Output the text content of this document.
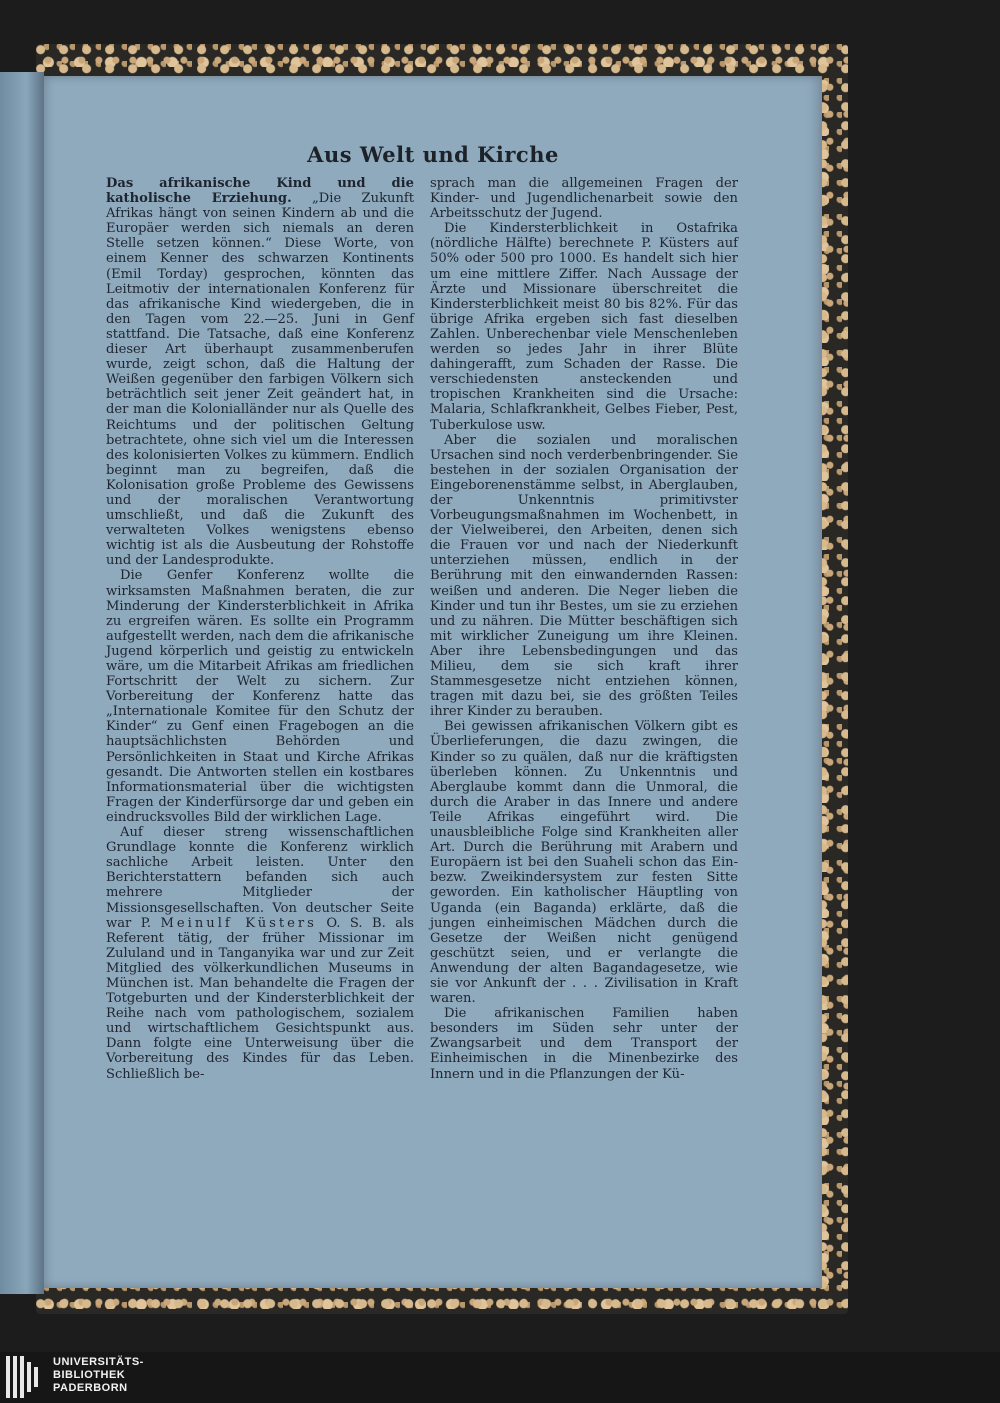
Aus Welt und Kirche

Das afrikanische Kind und die katholische Erziehung. „Die Zukunft Afrikas hängt von seinen Kindern ab und die Europäer werden sich niemals an deren Stelle setzen können.“ Diese Worte, von einem Kenner des schwarzen Kontinents (Emil Torday) gesprochen, könnten das Leitmotiv der internationalen Konferenz für das afrikanische Kind wiedergeben, die in den Tagen vom 22.—25. Juni in Genf stattfand. Die Tatsache, daß eine Konferenz dieser Art überhaupt zusammenberufen wurde, zeigt schon, daß die Haltung der Weißen gegenüber den farbigen Völkern sich beträchtlich seit jener Zeit geändert hat, in der man die Kolonialländer nur als Quelle des Reichtums und der politischen Geltung betrachtete, ohne sich viel um die Interessen des kolonisierten Volkes zu kümmern. Endlich beginnt man zu begreifen, daß die Kolonisation große Probleme des Gewissens und der moralischen Verantwortung umschließt, und daß die Zukunft des verwalteten Volkes wenigstens ebenso wichtig ist als die Ausbeutung der Rohstoffe und der Landesprodukte.

Die Genfer Konferenz wollte die wirksamsten Maßnahmen beraten, die zur Minderung der Kindersterblichkeit in Afrika zu ergreifen wären. Es sollte ein Programm aufgestellt werden, nach dem die afrikanische Jugend körperlich und geistig zu entwickeln wäre, um die Mitarbeit Afrikas am friedlichen Fortschritt der Welt zu sichern. Zur Vorbereitung der Konferenz hatte das „Internationale Komitee für den Schutz der Kinder“ zu Genf einen Fragebogen an die hauptsächlichsten Behörden und Persönlichkeiten in Staat und Kirche Afrikas gesandt. Die Antworten stellen ein kostbares Informationsmaterial über die wichtigsten Fragen der Kinderfürsorge dar und geben ein eindrucksvolles Bild der wirklichen Lage.

Auf dieser streng wissenschaftlichen Grundlage konnte die Konferenz wirklich sachliche Arbeit leisten. Unter den Berichterstattern befanden sich auch mehrere Mitglieder der Missionsgesellschaften. Von deutscher Seite war P. Meinulf Küsters O. S. B. als Referent tätig, der früher Missionar im Zululand und in Tanganyika war und zur Zeit Mitglied des völkerkundlichen Museums in München ist. Man behandelte die Fragen der Totgeburten und der Kindersterblichkeit der Reihe nach vom pathologischem, sozialem und wirtschaftlichem Gesichtspunkt aus. Dann folgte eine Unterweisung über die Vorbereitung des Kindes für das Leben. Schließlich be-

sprach man die allgemeinen Fragen der Kinder- und Jugendlichenarbeit sowie den Arbeitsschutz der Jugend.

Die Kindersterblichkeit in Ostafrika (nördliche Hälfte) berechnete P. Küsters auf 50% oder 500 pro 1000. Es handelt sich hier um eine mittlere Ziffer. Nach Aussage der Ärzte und Missionare überschreitet die Kindersterblichkeit meist 80 bis 82%. Für das übrige Afrika ergeben sich fast dieselben Zahlen. Unberechenbar viele Menschenleben werden so jedes Jahr in ihrer Blüte dahingerafft, zum Schaden der Rasse. Die verschiedensten ansteckenden und tropischen Krankheiten sind die Ursache: Malaria, Schlafkrankheit, Gelbes Fieber, Pest, Tuberkulose usw.

Aber die sozialen und moralischen Ursachen sind noch verderbenbringender. Sie bestehen in der sozialen Organisation der Eingeborenenstämme selbst, in Aberglauben, der Unkenntnis primitivster Vorbeugungsmaßnahmen im Wochenbett, in der Vielweiberei, den Arbeiten, denen sich die Frauen vor und nach der Niederkunft unterziehen müssen, endlich in der Berührung mit den einwandernden Rassen: weißen und anderen. Die Neger lieben die Kinder und tun ihr Bestes, um sie zu erziehen und zu nähren. Die Mütter beschäftigen sich mit wirklicher Zuneigung um ihre Kleinen. Aber ihre Lebensbedingungen und das Milieu, dem sie sich kraft ihrer Stammesgesetze nicht entziehen können, tragen mit dazu bei, sie des größten Teiles ihrer Kinder zu berauben.

Bei gewissen afrikanischen Völkern gibt es Überlieferungen, die dazu zwingen, die Kinder so zu quälen, daß nur die kräftigsten überleben können. Zu Unkenntnis und Aberglaube kommt dann die Unmoral, die durch die Araber in das Innere und andere Teile Afrikas eingeführt wird. Die unausbleibliche Folge sind Krankheiten aller Art. Durch die Berührung mit Arabern und Europäern ist bei den Suaheli schon das Ein- bezw. Zweikindersystem zur festen Sitte geworden. Ein katholischer Häuptling von Uganda (ein Baganda) erklärte, daß die jungen einheimischen Mädchen durch die Gesetze der Weißen nicht genügend geschützt seien, und er verlangte die Anwendung der alten Bagandagesetze, wie sie vor Ankunft der . . . Zivilisation in Kraft waren.

Die afrikanischen Familien haben besonders im Süden sehr unter der Zwangsarbeit und dem Transport der Einheimischen in die Minenbezirke des Innern und in die Pflanzungen der Kü-

UNIVERSITÄTS-
BIBLIOTHEK
PADERBORN
